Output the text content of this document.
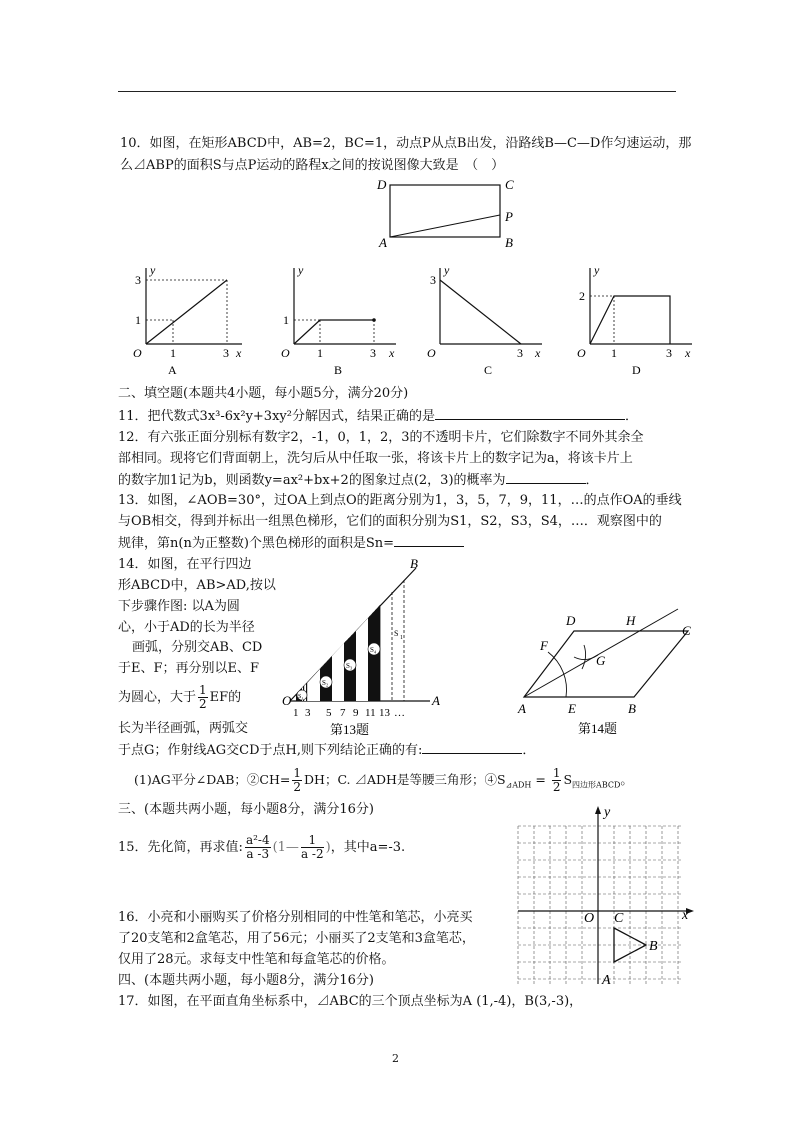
10．如图，在矩形ABCD中，AB=2，BC=1，动点P从点B出发，沿路线B—C—D作匀速运动，那
么⊿ABP的面积S与点P运动的路程x之间的按说图像大致是　（　）
D	C
P
A	B
y
3
1
O 1	3 x
A
y
1
O 1	3 x
B
y
3
O	3 x
C
y
2
O 1	3 x
D
二、填空题(本题共4小题，每小题5分，满分20分)
11．把代数式3x³-6x²y+3xy²分解因式，结果正确的是	．
12．有六张正面分别标有数字2，-1，0，1，2，3的不透明卡片，它们除数字不同外其余全
部相同。现将它们背面朝上，洗匀后从中任取一张，将该卡片上的数字记为a，将该卡片上
的数字加1记为b，则函数y=ax²+bx+2的图象过点(2，3)的概率为	．
13．如图，∠AOB=30°，过OA上到点O的距离分别为1，3，5，7，9，11，…的点作OA的垂线
与OB相交，得到并标出一组黑色梯形，它们的面积分别为S1，S2，S3，S4，…．观察图中的
规律，第n(n为正整数)个黑色梯形的面积是Sn=
14．如图，在平行四边
形ABCD中，AB>AD,按以
下步骤作图: 以A为圆
心，小于AD的长为半径
画弧，分别交AB、CD
于E、F；再分别以E、F
为圆心，大于 $\frac{1}{2}$ EF的
长为半径画弧，两弧交
于点G；作射线AG交CD于点H,则下列结论正确的有:	．
(1)AG平分∠DAB；②CH= $\frac{1}{2}$ DH；C. ⊿ADH是等腰三角形；$④S_{⊿ADH} = \frac{1}{2} S_{四边形ABCD}$。
S₁
S₂
S₃
S₄
S 1
B
A
O
1 3 5 7 9 11 13 …
第13题
D	H
C
F
G
A	E	B
第14题
三、(本题共两小题，每小题8分，满分16分)
15．先化简，再求值: $\frac{\text{a²-4}}{a -3}$ (1— $\frac{1}{a -2}$ )，其中a=-3.
16．小亮和小丽购买了价格分别相同的中性笔和笔芯，小亮买
了20支笔和2盒笔芯，用了56元；小丽买了2支笔和3盒笔芯，
仅用了28元。求每支中性笔和每盒笔芯的价格。
四、(本题共两小题，每小题8分，满分16分)
17．如图，在平面直角坐标系中，⊿ABC的三个顶点坐标为A (1,-4)，B(3,-3)，
y
x
O C
B
A
2
